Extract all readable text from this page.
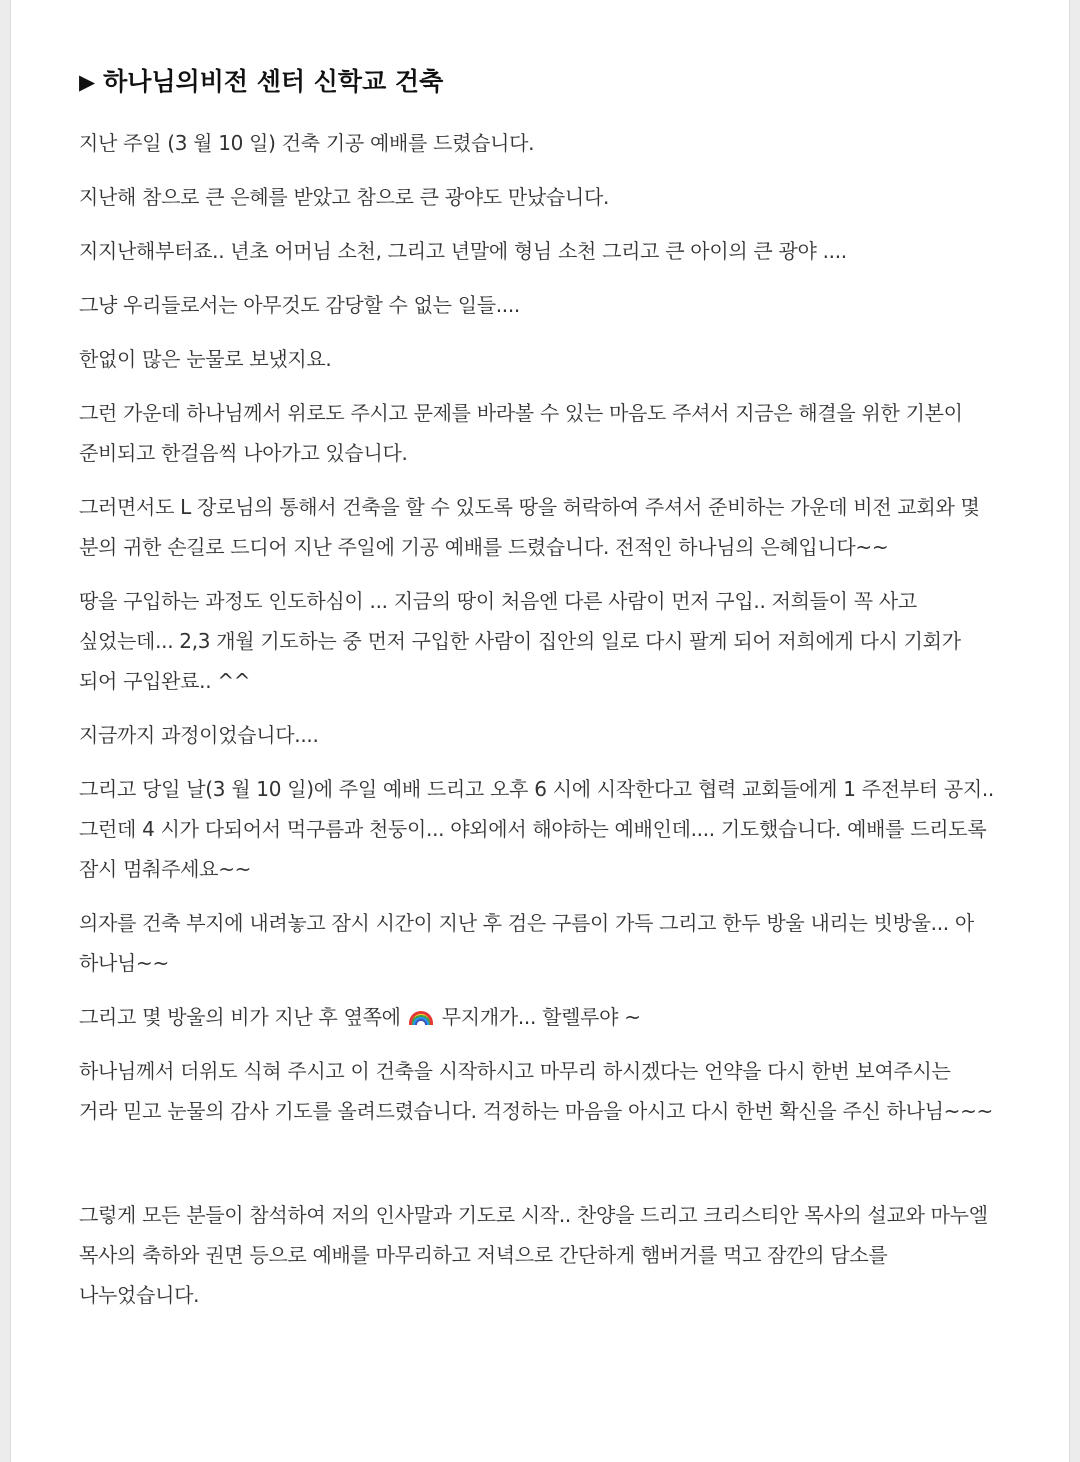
▶ 하나님의비전 센터 신학교 건축

지난 주일 (3 월 10 일) 건축 기공 예배를 드렸습니다.

지난해 참으로 큰 은혜를 받았고 참으로 큰 광야도 만났습니다.

지지난해부터죠.. 년초 어머님 소천, 그리고 년말에 형님 소천 그리고 큰 아이의 큰 광야 ....

그냥 우리들로서는 아무것도 감당할 수 없는 일들....

한없이 많은 눈물로 보냈지요.

그런 가운데 하나님께서 위로도 주시고 문제를 바라볼 수 있는 마음도 주셔서 지금은 해결을 위한 기본이 준비되고 한걸음씩 나아가고 있습니다.

그러면서도 L 장로님의 통해서 건축을 할 수 있도록 땅을 허락하여 주셔서 준비하는 가운데 비전 교회와 몇 분의 귀한 손길로 드디어 지난 주일에 기공 예배를 드렸습니다. 전적인 하나님의 은혜입니다~~

땅을 구입하는 과정도 인도하심이 ... 지금의 땅이 처음엔 다른 사람이 먼저 구입.. 저희들이 꼭 사고 싶었는데... 2,3 개월 기도하는 중 먼저 구입한 사람이 집안의 일로 다시 팔게 되어 저희에게 다시 기회가 되어 구입완료.. ^^

지금까지 과정이었습니다....

그리고 당일 날(3 월 10 일)에 주일 예배 드리고 오후 6 시에 시작한다고 협력 교회들에게 1 주전부터 공지.. 그런데 4 시가 다되어서 먹구름과 천둥이... 야외에서 해야하는 예배인데.... 기도했습니다. 예배를 드리도록 잠시 멈춰주세요~~

의자를 건축 부지에 내려놓고 잠시 시간이 지난 후 검은 구름이 가득 그리고 한두 방울 내리는 빗방울... 아 하나님~~

그리고 몇 방울의 비가 지난 후 옆쪽에 무지개가... 할렐루야 ~

하나님께서 더위도 식혀 주시고 이 건축을 시작하시고 마무리 하시겠다는 언약을 다시 한번 보여주시는 거라 믿고 눈물의 감사 기도를 올려드렸습니다. 걱정하는 마음을 아시고 다시 한번 확신을 주신 하나님~~~

그렇게 모든 분들이 참석하여 저의 인사말과 기도로 시작.. 찬양을 드리고 크리스티안 목사의 설교와 마누엘 목사의 축하와 권면 등으로 예배를 마무리하고 저녁으로 간단하게 햄버거를 먹고 잠깐의 담소를 나누었습니다.
